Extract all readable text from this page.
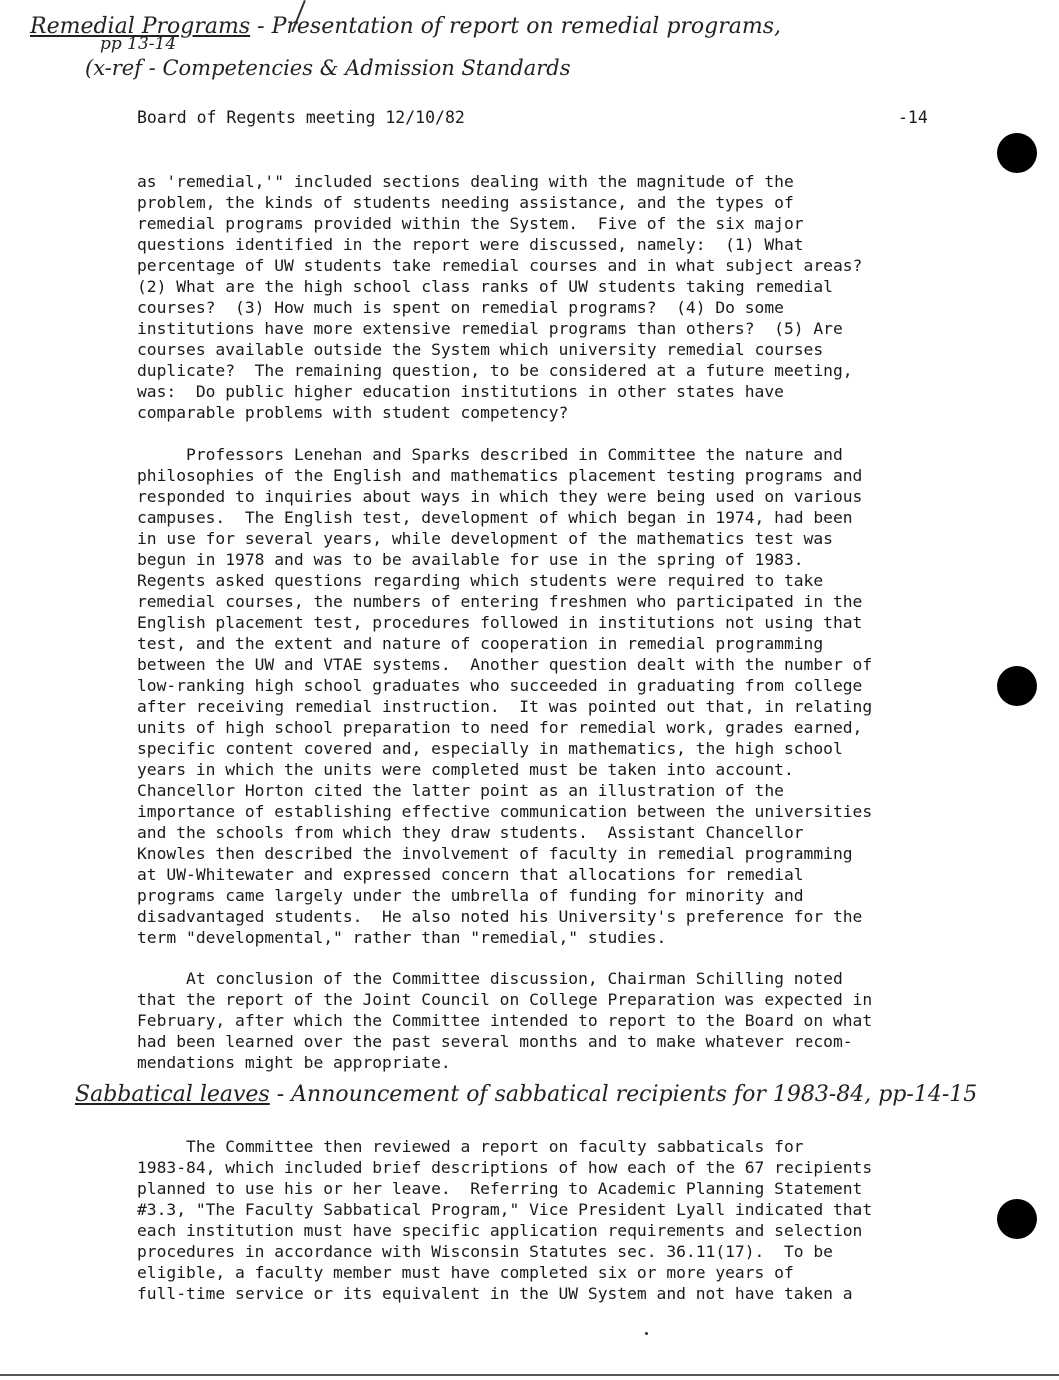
Remedial Programs - Presentation of report on remedial programs,
pp 13-14
(x-ref - Competencies & Admission Standards
Board of Regents meeting 12/10/82	-14
as 'remedial,'" included sections dealing with the magnitude of the
problem, the kinds of students needing assistance, and the types of
remedial programs provided within the System.  Five of the six major
questions identified in the report were discussed, namely:  (1) What
percentage of UW students take remedial courses and in what subject areas?
(2) What are the high school class ranks of UW students taking remedial
courses?  (3) How much is spent on remedial programs?  (4) Do some
institutions have more extensive remedial programs than others?  (5) Are
courses available outside the System which university remedial courses
duplicate?  The remaining question, to be considered at a future meeting,
was:  Do public higher education institutions in other states have
comparable problems with student competency?
Professors Lenehan and Sparks described in Committee the nature and
philosophies of the English and mathematics placement testing programs and
responded to inquiries about ways in which they were being used on various
campuses.  The English test, development of which began in 1974, had been
in use for several years, while development of the mathematics test was
begun in 1978 and was to be available for use in the spring of 1983.
Regents asked questions regarding which students were required to take
remedial courses, the numbers of entering freshmen who participated in the
English placement test, procedures followed in institutions not using that
test, and the extent and nature of cooperation in remedial programming
between the UW and VTAE systems.  Another question dealt with the number of
low-ranking high school graduates who succeeded in graduating from college
after receiving remedial instruction.  It was pointed out that, in relating
units of high school preparation to need for remedial work, grades earned,
specific content covered and, especially in mathematics, the high school
years in which the units were completed must be taken into account.
Chancellor Horton cited the latter point as an illustration of the
importance of establishing effective communication between the universities
and the schools from which they draw students.  Assistant Chancellor
Knowles then described the involvement of faculty in remedial programming
at UW-Whitewater and expressed concern that allocations for remedial
programs came largely under the umbrella of funding for minority and
disadvantaged students.  He also noted his University's preference for the
term "developmental," rather than "remedial," studies.
At conclusion of the Committee discussion, Chairman Schilling noted
that the report of the Joint Council on College Preparation was expected in
February, after which the Committee intended to report to the Board on what
had been learned over the past several months and to make whatever recom-
mendations might be appropriate.
Sabbatical leaves - Announcement of sabbatical recipients for 1983-84, pp-14-15
The Committee then reviewed a report on faculty sabbaticals for
1983-84, which included brief descriptions of how each of the 67 recipients
planned to use his or her leave.  Referring to Academic Planning Statement
#3.3, "The Faculty Sabbatical Program," Vice President Lyall indicated that
each institution must have specific application requirements and selection
procedures in accordance with Wisconsin Statutes sec. 36.11(17).  To be
eligible, a faculty member must have completed six or more years of
full-time service or its equivalent in the UW System and not have taken a
